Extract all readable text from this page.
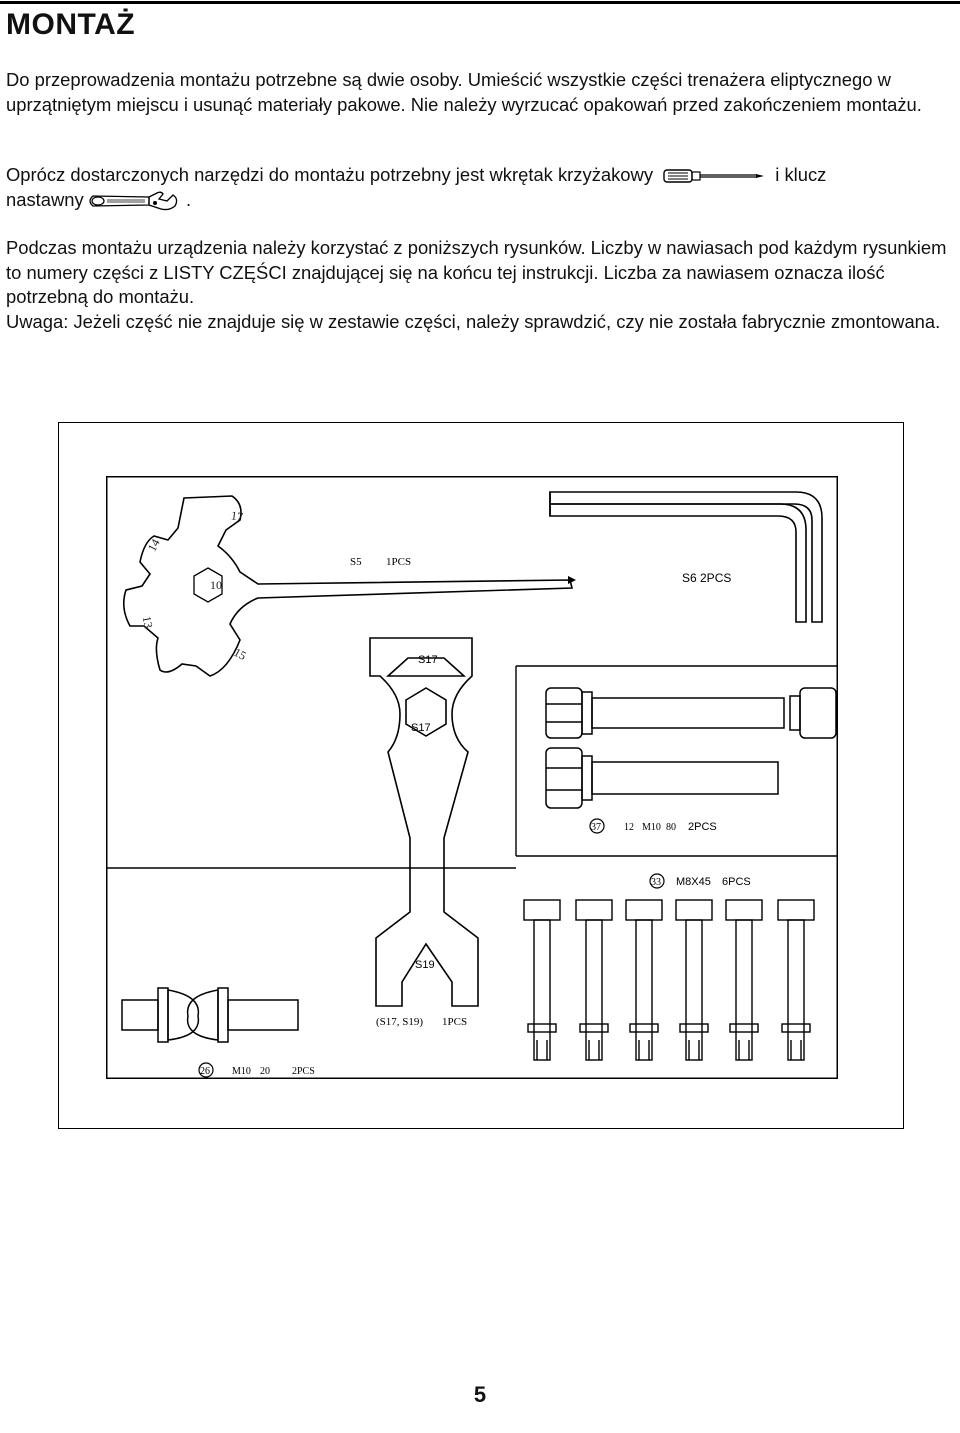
MONTAŻ

Do przeprowadzenia montażu potrzebne są dwie osoby. Umieścić wszystkie części trenażera eliptycznego w uprzątniętym miejscu i usunąć materiały pakowe. Nie należy wyrzucać opakowań przed zakończeniem montażu.

Oprócz dostarczonych narzędzi do montażu potrzebny jest wkrętak krzyżakowy	i klucz
nastawny	.

Podczas montażu urządzenia należy korzystać z poniższych rysunków. Liczby w nawiasach pod każdym rysunkiem to numery części z LISTY CZĘŚCI znajdującej się na końcu tej instrukcji. Liczba za nawiasem oznacza ilość potrzebną do montażu.
Uwaga: Jeżeli część nie znajduje się w zestawie części, należy sprawdzić, czy nie została fabrycznie zmontowana.
17
14
10
13
15
S5 1PCS
S6 2PCS
S17
S17
S19
(S17, S19) 1PCS
37 12 M10 80 2PCS
33 M8X45 6PCS
26 M10 20 2PCS
5
